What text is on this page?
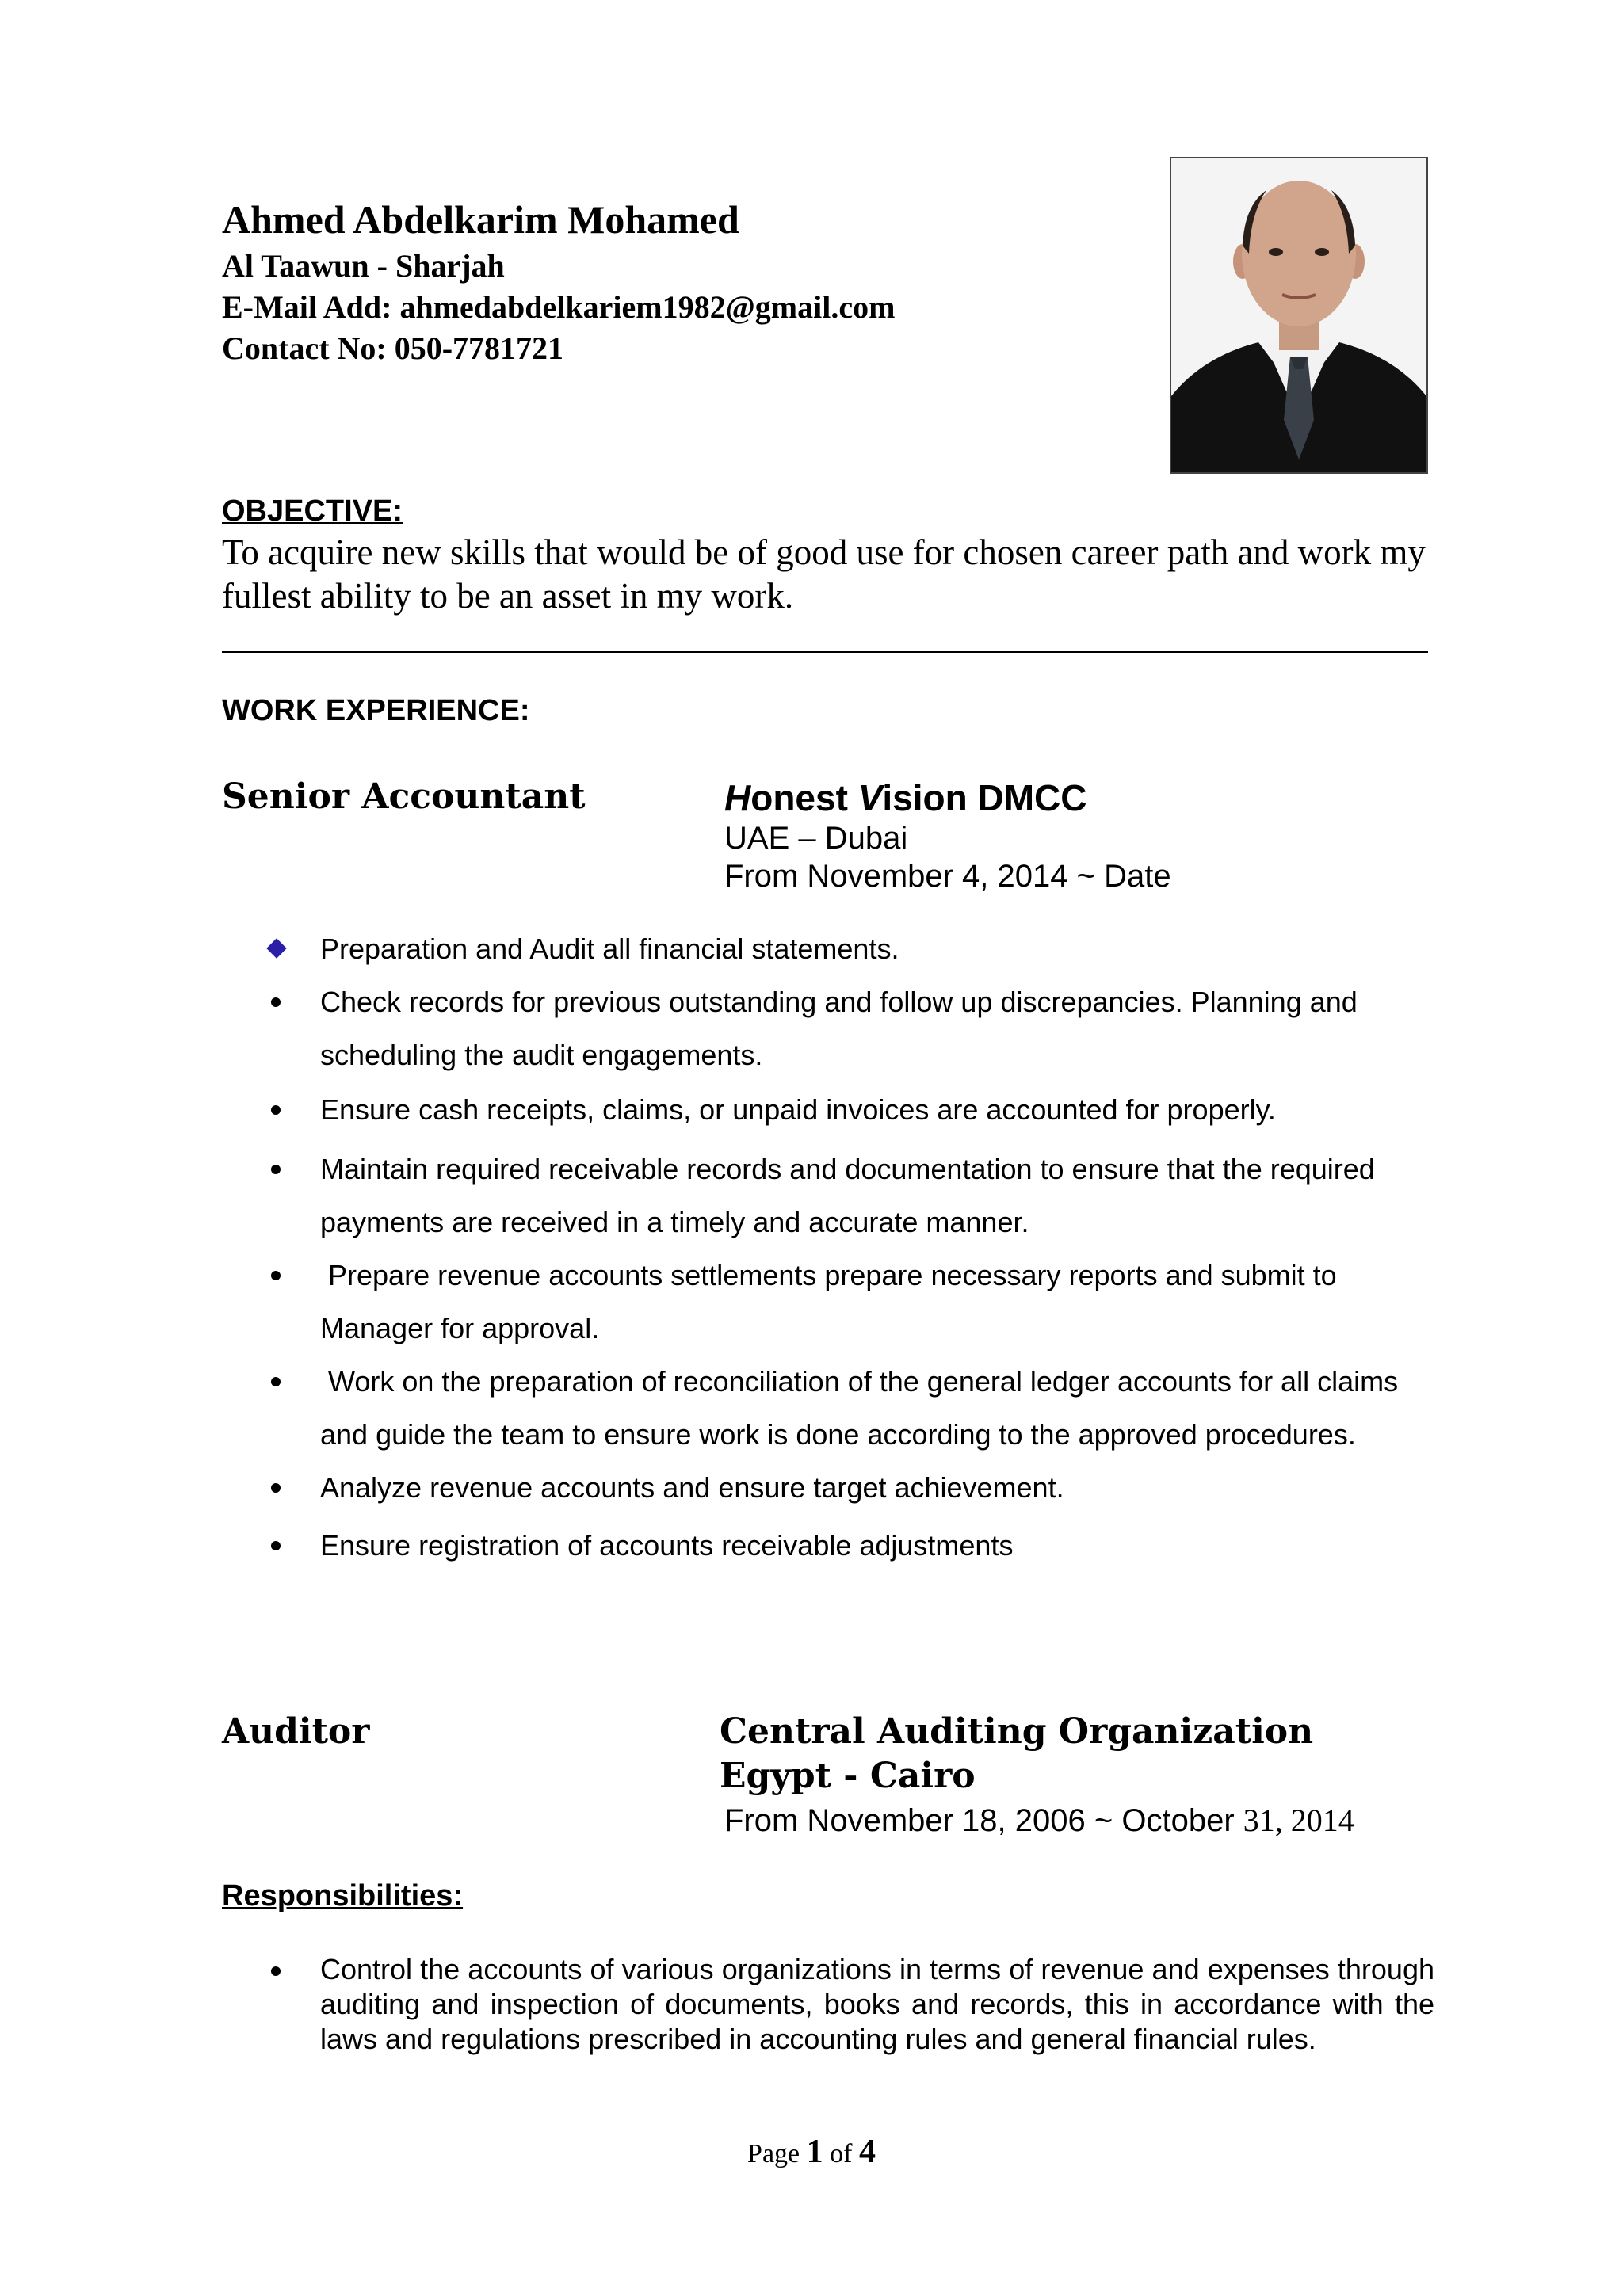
Ahmed Abdelkarim Mohamed
Al Taawun - Sharjah
E-Mail Add: ahmedabdelkariem1982@gmail.com
Contact No: 050-7781721
OBJECTIVE:
To acquire new skills that would be of good use for chosen career path and work my fullest ability to be an asset in my work.
WORK EXPERIENCE:
Senior Accountant	Honest Vision DMCC
UAE – Dubai
From November 4, 2014 ~ Date
Preparation and Audit all financial statements.
Check records for previous outstanding and follow up discrepancies. Planning and scheduling the audit engagements.
Ensure cash receipts, claims, or unpaid invoices are accounted for properly.
Maintain required receivable records and documentation to ensure that the required payments are received in a timely and accurate manner.
Prepare revenue accounts settlements prepare necessary reports and submit to Manager for approval.
Work on the preparation of reconciliation of the general ledger accounts for all claims and guide the team to ensure work is done according to the approved procedures.
Analyze revenue accounts and ensure target achievement.
Ensure registration of accounts receivable adjustments
Auditor	Central Auditing Organization
Egypt - Cairo
From November 18, 2006 ~ October 31, 2014
Responsibilities:
Control the accounts of various organizations in terms of revenue and expenses through auditing and inspection of documents, books and records, this in accordance with the laws and regulations prescribed in accounting rules and general financial rules.
Page 1 of 4
